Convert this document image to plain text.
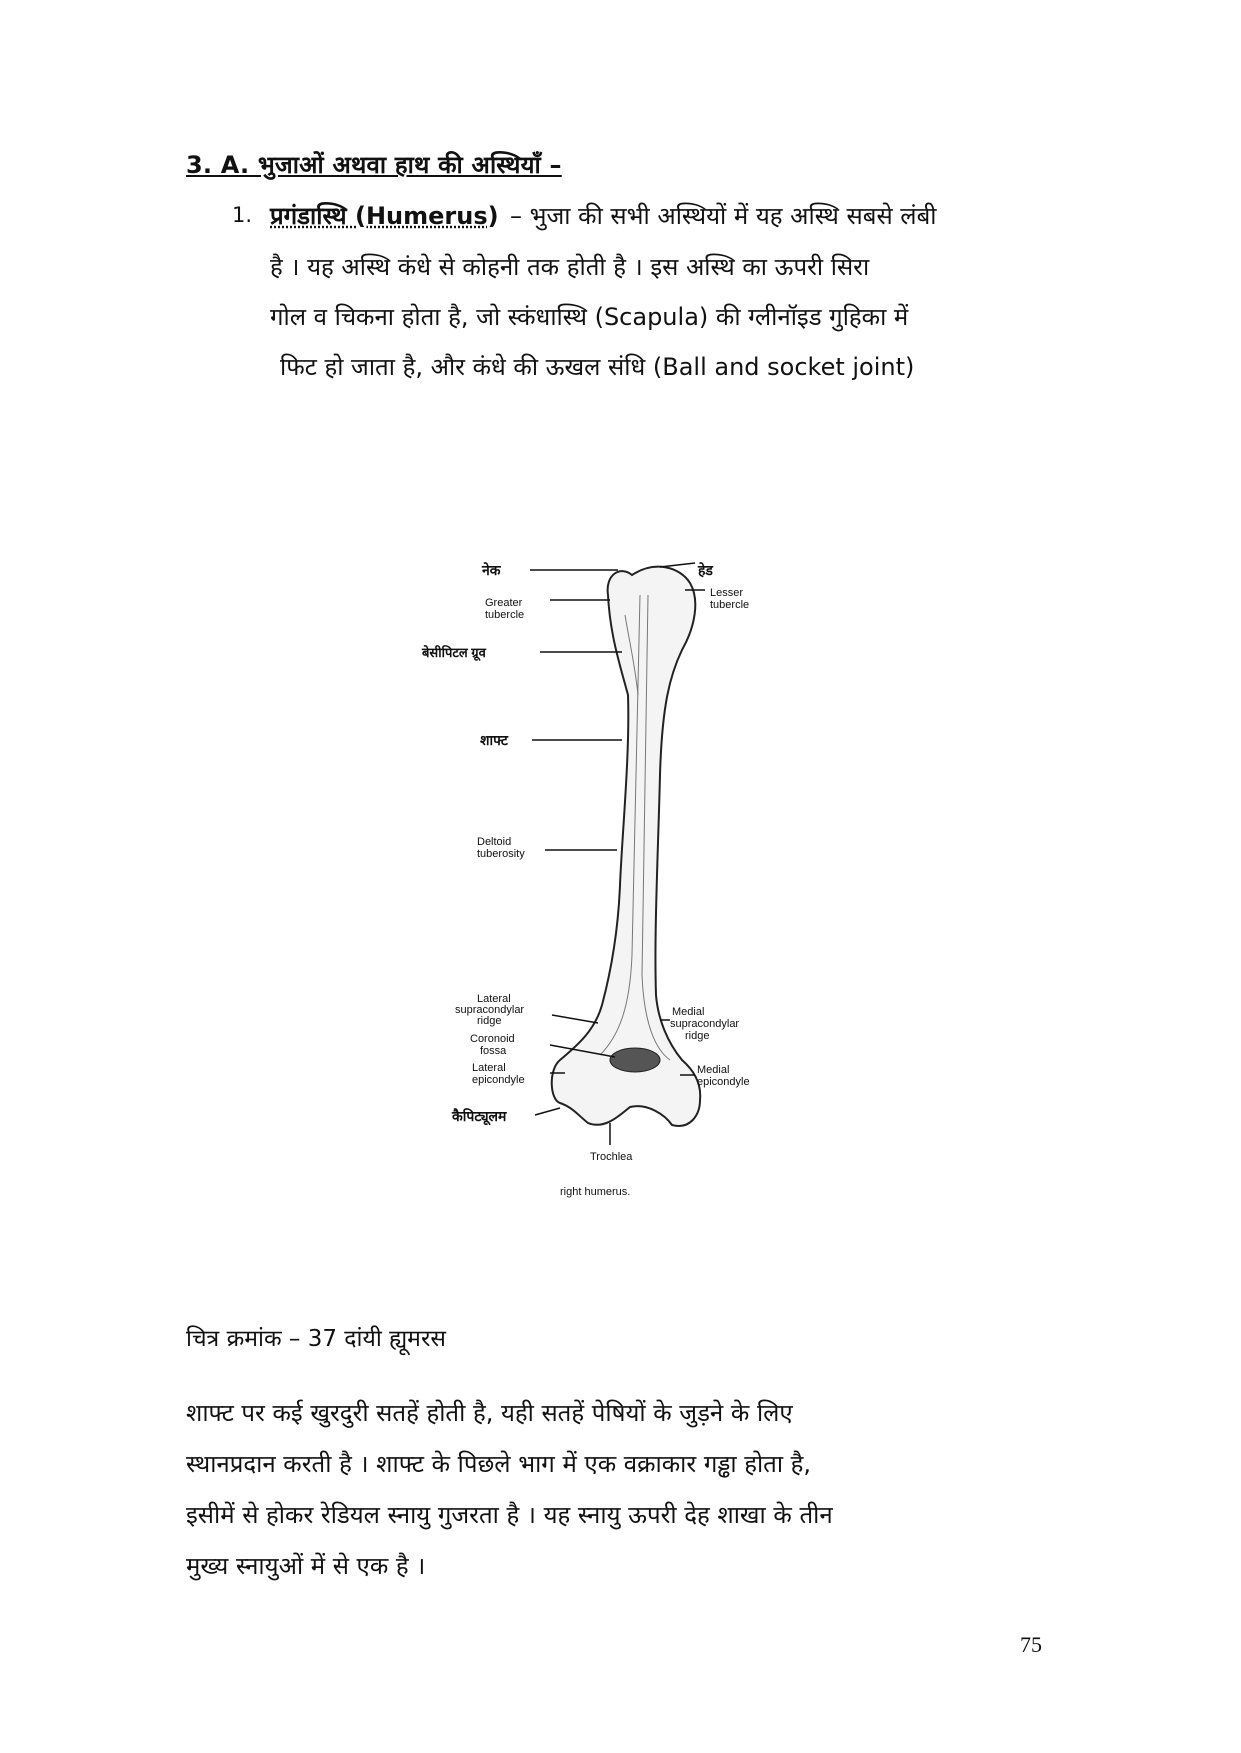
3. A. भुजाओं अथवा हाथ की अस्थियाँ –
1. प्रगंडास्थि (Humerus) – भुजा की सभी अस्थियों में यह अस्थि सबसे लंबी
है । यह अस्थि कंधे से कोहनी तक होती है । इस अस्थि का ऊपरी सिरा
गोल व चिकना होता है, जो स्कंधास्थि (Scapula) की ग्लीनॉइड गुहिका में
फिट हो जाता है, और कंधे की ऊखल संधि (Ball and socket joint)
नेक	हेड
Greater
tubercle
Lesser
tubercle
बेसीपिटल ग्रूव
शाफ्ट
Deltoid
tuberosity
Lateral
supracondylar
ridge
Medial
supracondylar
ridge
Coronoid
fossa
Lateral
epicondyle
Medial
epicondyle
कैपिट्यूलम
Trochlea
right humerus.
चित्र क्रमांक – 37 दांयी ह्यूमरस
शाफ्ट पर कई खुरदुरी सतहें होती है, यही सतहें पेषियों के जुड़ने के लिए
स्थानप्रदान करती है । शाफ्ट के पिछले भाग में एक वक्राकार गड्ढा होता है,
इसीमें से होकर रेडियल स्नायु गुजरता है । यह स्नायु ऊपरी देह शाखा के तीन
मुख्य स्नायुओं में से एक है ।
75
